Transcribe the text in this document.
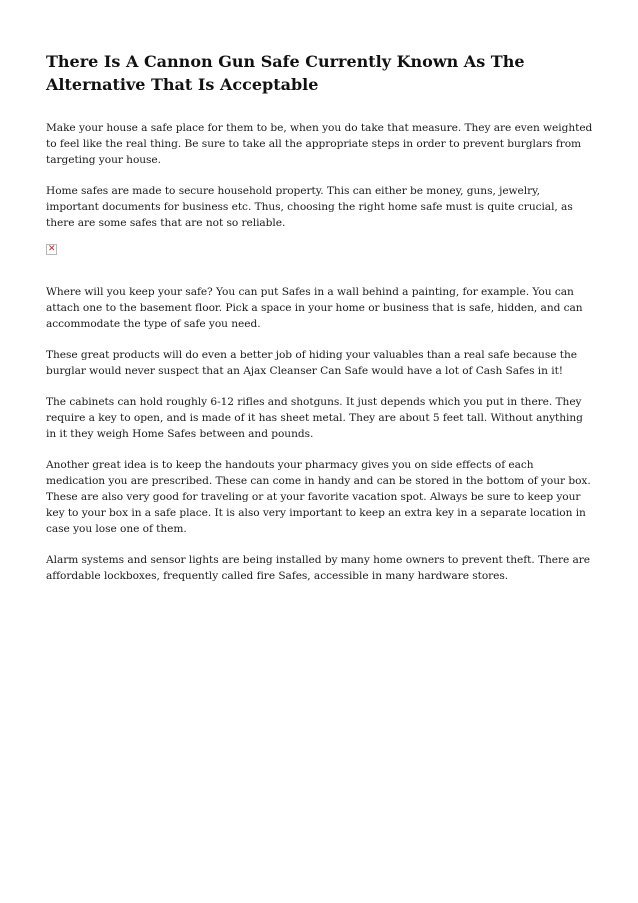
There Is A Cannon Gun Safe Currently Known As The Alternative That Is Acceptable

Make your house a safe place for them to be, when you do take that measure. They are even weighted to feel like the real thing. Be sure to take all the appropriate steps in order to prevent burglars from targeting your house.

Home safes are made to secure household property. This can either be money, guns, jewelry, important documents for business etc. Thus, choosing the right home safe must is quite crucial, as there are some safes that are not so reliable.

✕

Where will you keep your safe? You can put Safes in a wall behind a painting, for example. You can attach one to the basement floor. Pick a space in your home or business that is safe, hidden, and can accommodate the type of safe you need.

These great products will do even a better job of hiding your valuables than a real safe because the burglar would never suspect that an Ajax Cleanser Can Safe would have a lot of Cash Safes in it!

The cabinets can hold roughly 6-12 rifles and shotguns. It just depends which you put in there. They require a key to open, and is made of it has sheet metal. They are about 5 feet tall. Without anything in it they weigh Home Safes between and pounds.

Another great idea is to keep the handouts your pharmacy gives you on side effects of each medication you are prescribed. These can come in handy and can be stored in the bottom of your box. These are also very good for traveling or at your favorite vacation spot. Always be sure to keep your key to your box in a safe place. It is also very important to keep an extra key in a separate location in case you lose one of them.

Alarm systems and sensor lights are being installed by many home owners to prevent theft. There are affordable lockboxes, frequently called fire Safes, accessible in many hardware stores.
